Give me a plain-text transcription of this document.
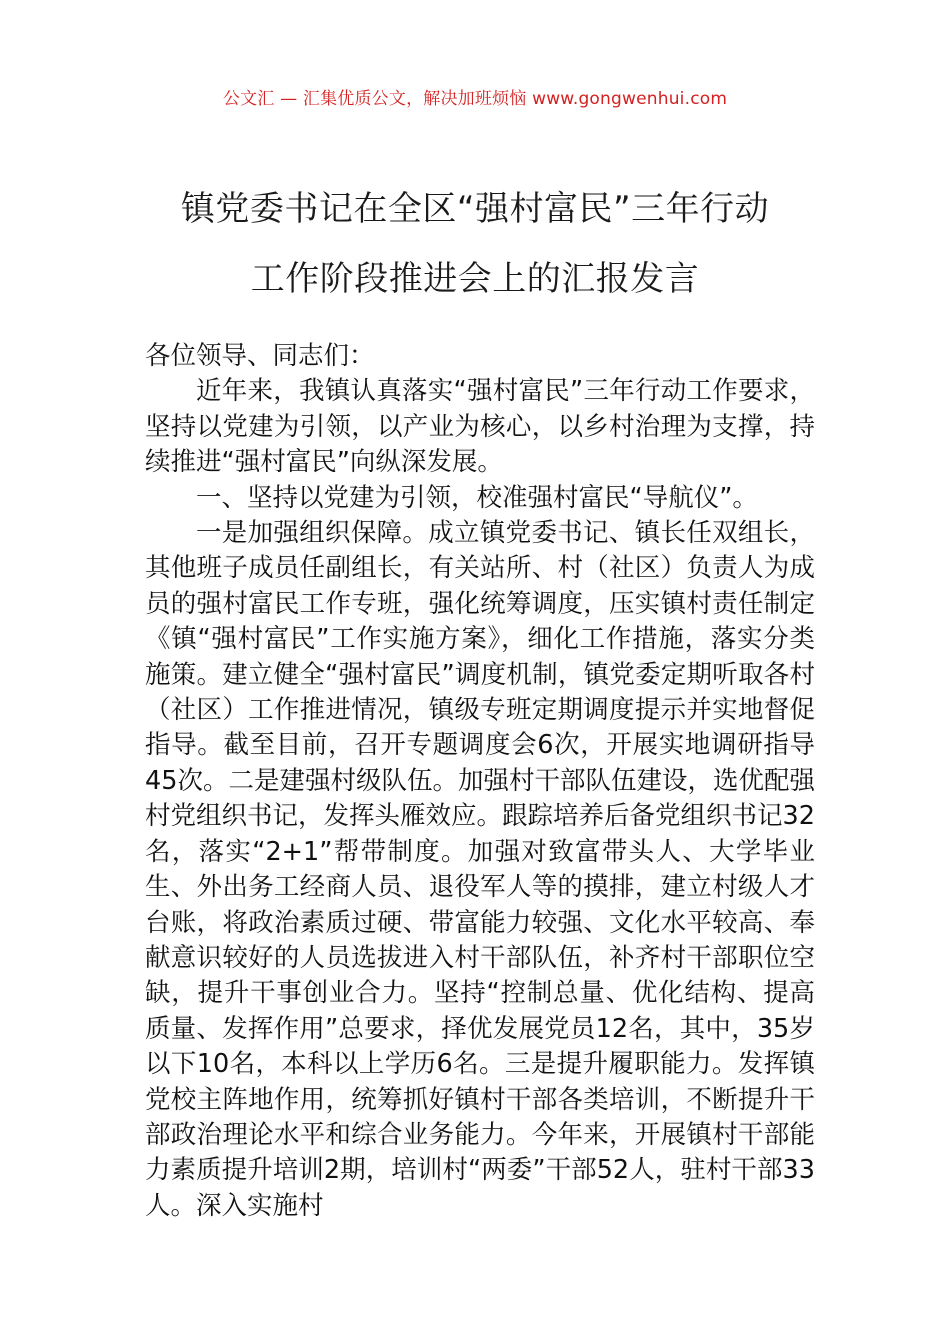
公文汇 — 汇集优质公文，解决加班烦恼 www.gongwenhui.com
镇党委书记在全区“强村富民”三年行动
工作阶段推进会上的汇报发言

各位领导、同志们：

近年来，我镇认真落实“强村富民”三年行动工作要求，坚持以党建为引领，以产业为核心，以乡村治理为支撑，持续推进“强村富民”向纵深发展。

一、坚持以党建为引领，校准强村富民“导航仪”。

一是加强组织保障。成立镇党委书记、镇长任双组长，其他班子成员任副组长，有关站所、村（社区）负责人为成员的强村富民工作专班，强化统筹调度，压实镇村责任制定《镇“强村富民”工作实施方案》，细化工作措施，落实分类施策。建立健全“强村富民”调度机制，镇党委定期听取各村（社区）工作推进情况，镇级专班定期调度提示并实地督促指导。截至目前，召开专题调度会6次，开展实地调研指导45次。二是建强村级队伍。加强村干部队伍建设，选优配强村党组织书记，发挥头雁效应。跟踪培养后备党组织书记32名，落实“2+1”帮带制度。加强对致富带头人、大学毕业生、外出务工经商人员、退役军人等的摸排，建立村级人才台账，将政治素质过硬、带富能力较强、文化水平较高、奉献意识较好的人员选拔进入村干部队伍，补齐村干部职位空缺，提升干事创业合力。坚持“控制总量、优化结构、提高质量、发挥作用”总要求，择优发展党员12名，其中，35岁以下10名，本科以上学历6名。三是提升履职能力。发挥镇党校主阵地作用，统筹抓好镇村干部各类培训，不断提升干部政治理论水平和综合业务能力。今年来，开展镇村干部能力素质提升培训2期，培训村“两委”干部52人，驻村干部33人。深入实施村
